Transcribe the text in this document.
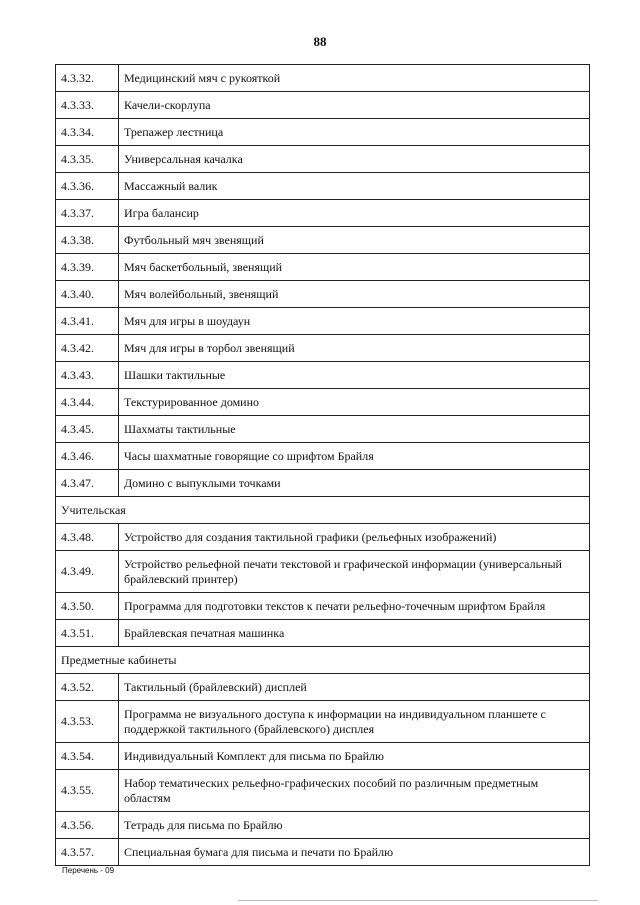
88
4.3.32.	Медицинский мяч с рукояткой
4.3.33.	Качели-скорлупа
4.3.34.	Трепажер лестница
4.3.35.	Универсальная качалка
4.3.36.	Массажный валик
4.3.37.	Игра балансир
4.3.38.	Футбольный мяч звенящий
4.3.39.	Мяч баскетбольный, звенящий
4.3.40.	Мяч волейбольный, звенящий
4.3.41.	Мяч для игры в шоудаун
4.3.42.	Мяч для игры в торбол звенящий
4.3.43.	Шашки тактильные
4.3.44.	Текстурированное домино
4.3.45.	Шахматы тактильные
4.3.46.	Часы шахматные говорящие со шрифтом Брайля
4.3.47.	Домино с выпуклыми точками
Учительская	
4.3.48.	Устройство для создания тактильной графики (рельефных изображений)
4.3.49.	Устройство рельефной печати текстовой и графической информации (универсальный брайлевский принтер)
4.3.50.	Программа для подготовки текстов к печати рельефно-точечным шрифтом Брайля
4.3.51.	Брайлевская печатная машинка
Предметные кабинеты	
4.3.52.	Тактильный (брайлевский) дисплей
4.3.53.	Программа не визуального доступа к информации на индивидуальном планшете с поддержкой тактильного (брайлевского) дисплея
4.3.54.	Индивидуальный Комплект для письма по Брайлю
4.3.55.	Набор тематических рельефно-графических пособий по различным предметным областям
4.3.56.	Тетрадь для письма по Брайлю
4.3.57.	Специальная бумага для письма и печати по Брайлю
Перечень - 09
